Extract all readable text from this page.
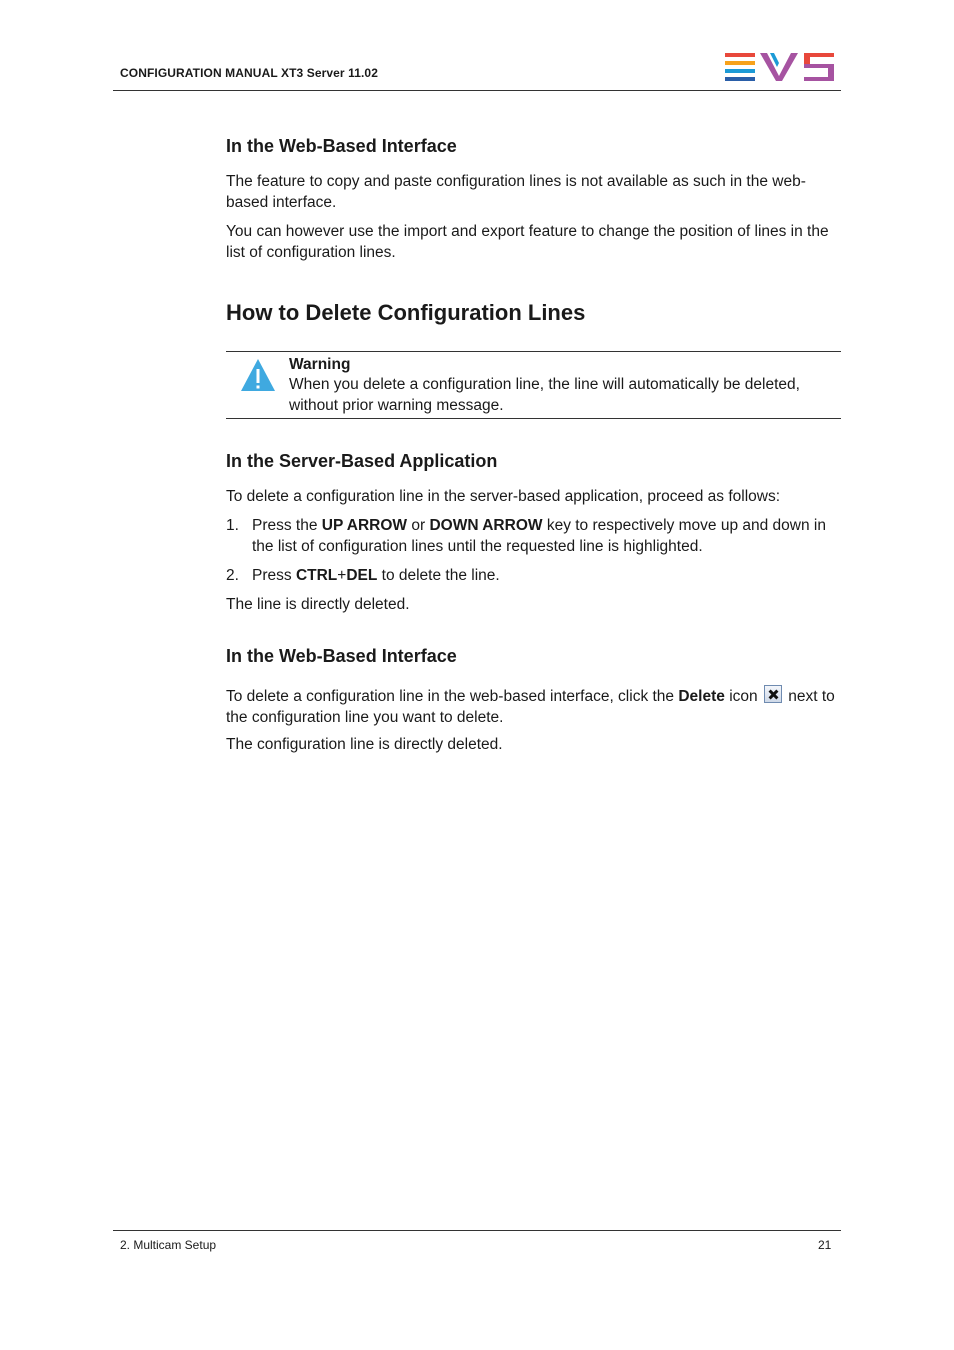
CONFIGURATION MANUAL XT3 Server 11.02
In the Web-Based Interface

The feature to copy and paste configuration lines is not available as such in the web-
based interface.

You can however use the import and export feature to change the position of lines in the
list of configuration lines.

How to Delete Configuration Lines
Warning
When you delete a configuration line, the line will automatically be deleted,
without prior warning message.
In the Server-Based Application

To delete a configuration line in the server-based application, proceed as follows:

1. Press the UP ARROW or DOWN ARROW key to respectively move up and down in
the list of configuration lines until the requested line is highlighted.
2. Press CTRL+DEL to delete the line.

The line is directly deleted.

In the Web-Based Interface

To delete a configuration line in the web-based interface, click the Delete icon  next to
the configuration line you want to delete.

The configuration line is directly deleted.

2. Multicam Setup	21
